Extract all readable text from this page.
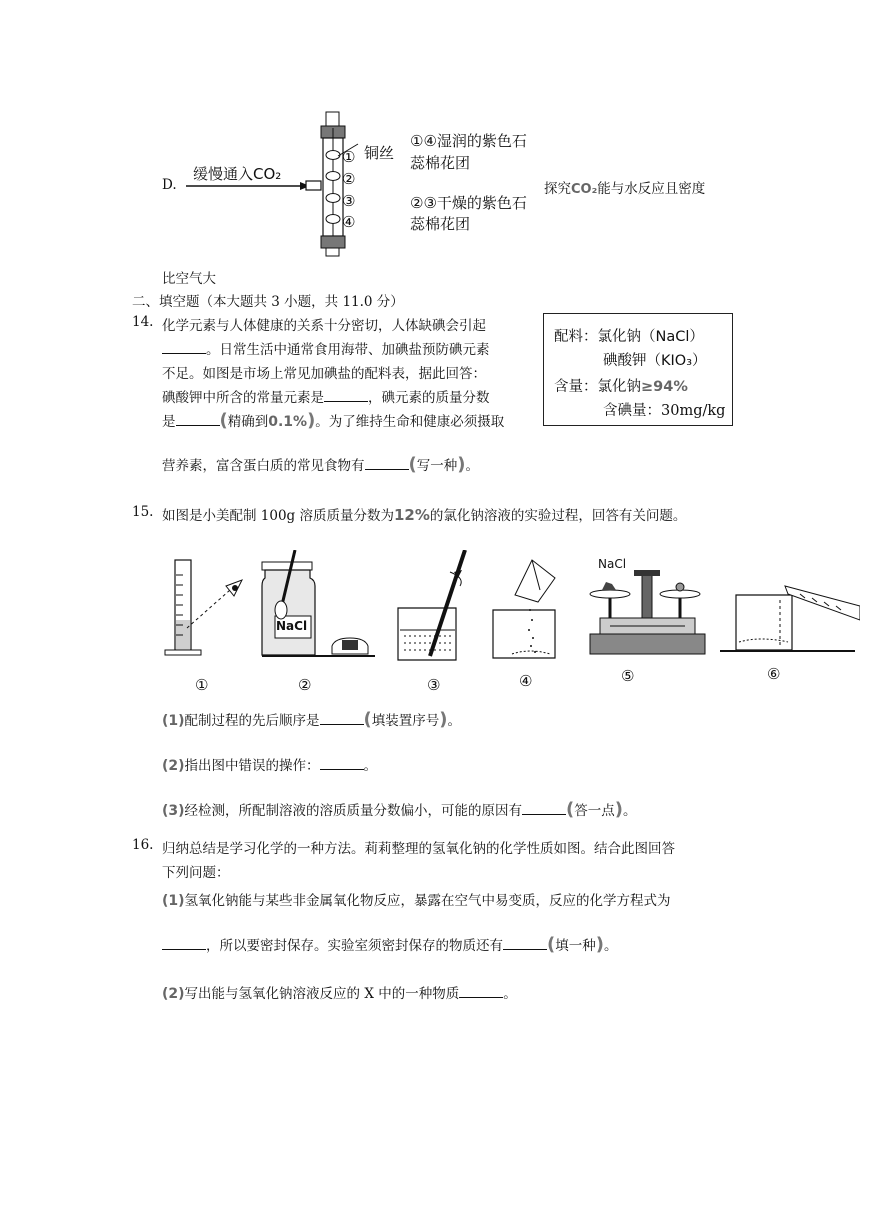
D.
缓慢通入CO₂
①
②
③
④
铜丝
①④湿润的紫色石
蕊棉花团
②③干燥的紫色石
蕊棉花团
探究CO₂能与水反应且密度
比空气大
二、填空题（本大题共 3 小题，共 11.0 分）
14. 化学元素与人体健康的关系十分密切，人体缺碘会引起
。日常生活中通常食用海带、加碘盐预防碘元素
不足。如图是市场上常见加碘盐的配料表，据此回答：
碘酸钾中所含的常量元素是	，碘元素的质量分数
是 (精确到0.1%)。为了维持生命和健康必须摄取
营养素，富含蛋白质的常见食物有 (写一种)。
配料：氯化钠（NaCl）
碘酸钾（KIO₃）
含量：氯化钠≥94%
含碘量：30mg/kg
15. 如图是小美配制 100g 溶质质量分数为12%的氯化钠溶液的实验过程，回答有关问题。
NaCl
NaCl
①	②	③	④	⑤	⑥
(1)配制过程的先后顺序是 (填装置序号)。
(2)指出图中错误的操作：	。
(3)经检测，所配制溶液的溶质质量分数偏小，可能的原因有 (答一点)。
16. 归纳总结是学习化学的一种方法。莉莉整理的氢氧化钠的化学性质如图。结合此图回答
下列问题：
(1)氢氧化钠能与某些非金属氧化物反应，暴露在空气中易变质，反应的化学方程式为
，所以要密封保存。实验室须密封保存的物质还有 (填一种)。
(2)写出能与氢氧化钠溶液反应的 X 中的一种物质	。
